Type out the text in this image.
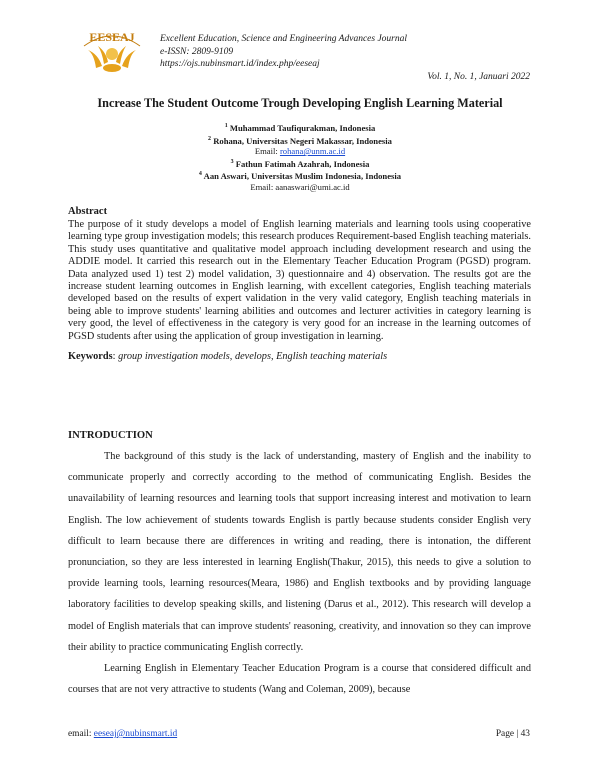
EESEAJ	Excellent Education, Science and Engineering Advances Journal
e-ISSN: 2809-9109
https://ojs.nubinsmart.id/index.php/eeseaj
Vol. 1, No. 1, Januari 2022
Increase The Student Outcome Trough Developing English Learning Material
$^1$ Muhammad Taufiqurakman, Indonesia
$^2$ Rohana, Universitas Negeri Makassar, Indonesia
Email: rohana@unm.ac.id
$^3$ Fathun Fatimah Azahrah, Indonesia
$^4$ Aan Aswari, Universitas Muslim Indonesia, Indonesia
Email: aanaswari@umi.ac.id
Abstract
The purpose of it study develops a model of English learning materials and learning tools using cooperative learning type group investigation models; this research produces Requirement-based English teaching materials. This study uses quantitative and qualitative model approach including development research and using the ADDIE model. It carried this research out in the Elementary Teacher Education Program (PGSD) program. Data analyzed used 1) test 2) model validation, 3) questionnaire and 4) observation. The results got are the increase student learning outcomes in English learning, with excellent categories, English teaching materials developed based on the results of expert validation in the very valid category, English teaching materials in being able to improve students' learning abilities and outcomes and lecturer activities in category learning is very good, the level of effectiveness in the category is very good for an increase in the learning outcomes of PGSD students after using the application of group investigation in learning.
Keywords: group investigation models, develops, English teaching materials
INTRODUCTION

The background of this study is the lack of understanding, mastery of English and the inability to communicate properly and correctly according to the method of communicating English. Besides the unavailability of learning resources and learning tools that support increasing interest and motivation to learn English. The low achievement of students towards English is partly because students consider English very difficult to learn because there are differences in writing and reading, there is intonation, the different pronunciation, so they are less interested in learning English(Thakur, 2015), this needs to give a solution to provide learning tools, learning resources(Meara, 1986) and English textbooks and by providing language laboratory facilities to develop speaking skills, and listening (Darus et al., 2012). This research will develop a model of English materials that can improve students' reasoning, creativity, and innovation so they can improve their ability to practice communicating English correctly.

Learning English in Elementary Teacher Education Program is a course that considered difficult and courses that are not very attractive to students (Wang and Coleman, 2009), because

email: eeseaj@nubinsmart.id	Page | 43
